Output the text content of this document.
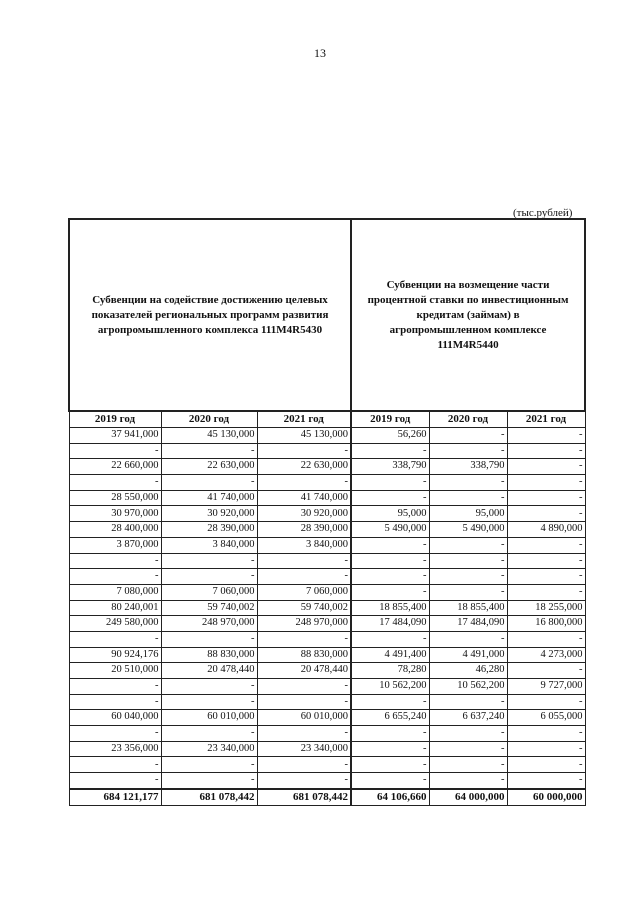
13
(тыс.рублей)
Субвенции на содействие достижению целевых показателей региональных программ развития агропромышленного комплекса 111M4R5430			Субвенции на возмещение части процентной ставки по инвестиционным кредитам (займам) в агропромышленном комплексе 111M4R5440		
2019 год	2020 год	2021 год	2019 год	2020 год	2021 год
37 941,000	45 130,000	45 130,000	56,260	-	-
-	-	-	-	-	-
22 660,000	22 630,000	22 630,000	338,790	338,790	-
-	-	-	-	-	-
28 550,000	41 740,000	41 740,000	-	-	-
30 970,000	30 920,000	30 920,000	95,000	95,000	-
28 400,000	28 390,000	28 390,000	5 490,000	5 490,000	4 890,000
3 870,000	3 840,000	3 840,000	-	-	-
-	-	-	-	-	-
-	-	-	-	-	-
7 080,000	7 060,000	7 060,000	-	-	-
80 240,001	59 740,002	59 740,002	18 855,400	18 855,400	18 255,000
249 580,000	248 970,000	248 970,000	17 484,090	17 484,090	16 800,000
-	-	-	-	-	-
90 924,176	88 830,000	88 830,000	4 491,400	4 491,000	4 273,000
20 510,000	20 478,440	20 478,440	78,280	46,280	-
-	-	-	10 562,200	10 562,200	9 727,000
-	-	-	-	-	-
60 040,000	60 010,000	60 010,000	6 655,240	6 637,240	6 055,000
-	-	-	-	-	-
23 356,000	23 340,000	23 340,000	-	-	-
-	-	-	-	-	-
-	-	-	-	-	-
684 121,177	681 078,442	681 078,442	64 106,660	64 000,000	60 000,000
